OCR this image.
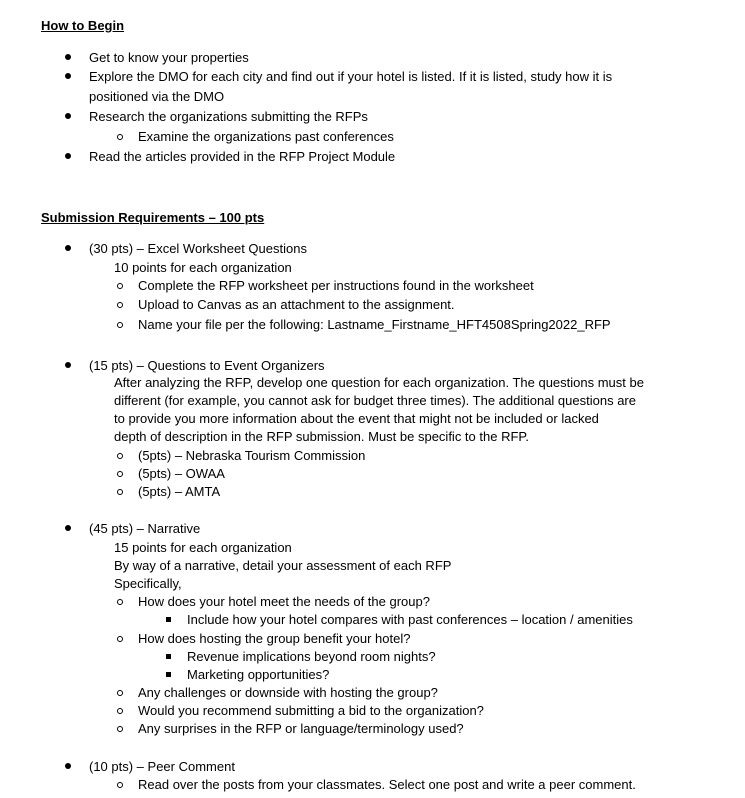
How to Begin
Get to know your properties
Explore the DMO for each city and find out if your hotel is listed. If it is listed, study how it is
positioned via the DMO
Research the organizations submitting the RFPs
Examine the organizations past conferences
Read the articles provided in the RFP Project Module
Submission Requirements – 100 pts
(30 pts) – Excel Worksheet Questions
10 points for each organization
Complete the RFP worksheet per instructions found in the worksheet
Upload to Canvas as an attachment to the assignment.
Name your file per the following: Lastname_Firstname_HFT4508Spring2022_RFP
(15 pts) – Questions to Event Organizers
After analyzing the RFP, develop one question for each organization. The questions must be
different (for example, you cannot ask for budget three times). The additional questions are
to provide you more information about the event that might not be included or lacked
depth of description in the RFP submission. Must be specific to the RFP.
(5pts) – Nebraska Tourism Commission
(5pts) – OWAA
(5pts) – AMTA
(45 pts) – Narrative
15 points for each organization
By way of a narrative, detail your assessment of each RFP
Specifically,
How does your hotel meet the needs of the group?
Include how your hotel compares with past conferences – location / amenities
How does hosting the group benefit your hotel?
Revenue implications beyond room nights?
Marketing opportunities?
Any challenges or downside with hosting the group?
Would you recommend submitting a bid to the organization?
Any surprises in the RFP or language/terminology used?
(10 pts) – Peer Comment
Read over the posts from your classmates. Select one post and write a peer comment.
